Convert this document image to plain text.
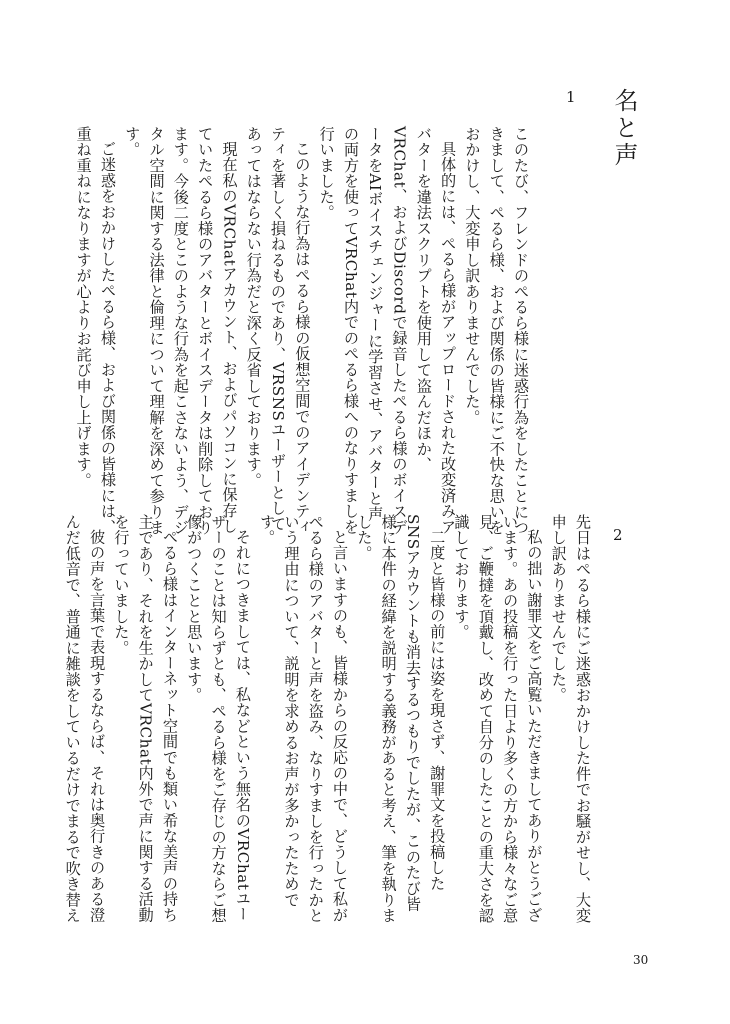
名と声
1

このたび、フレンドのぺるら様に迷惑行為をしたことにつきまして、ぺるら様、および関係の皆様にご不快な思いをおかけし、大変申し訳ありませんでした。

具体的には、ぺるら様がアップロードされた改変済みアバターを違法スクリプトを使用して盗んだほか、VRChat、およびDiscordで録音したぺるら様のボイスデータをAIボイスチェンジャーに学習させ、アバターと声の両方を使ってVRChat内でのぺるら様へのなりすましを行いました。

このような行為はぺるら様の仮想空間でのアイデンティティを著しく損ねるものであり、VRSNSユーザーとしてあってはならない行為だと深く反省しております。

現在私のVRChatアカウント、およびパソコンに保存していたぺるら様のアバターとボイスデータは削除しております。今後二度とこのような行為を起こさないよう、デジタル空間に関する法律と倫理について理解を深めて参ります。

ご迷惑をおかけしたぺるら様、および関係の皆様には、重ね重ねになりますが心よりお詫び申し上げます。

2

先日はぺるら様にご迷惑おかけした件でお騒がせし、大変申し訳ありませんでした。

私の拙い謝罪文をご高覧いただきましてありがとうございます。あの投稿を行った日より多くの方から様々なご意見、ご鞭撻を頂戴し、改めて自分のしたことの重大さを認識しております。

二度と皆様の前には姿を現さず、謝罪文を投稿したSNSアカウントも消去するつもりでしたが、このたび皆様に本件の経緯を説明する義務があると考え、筆を執りました。

と言いますのも、皆様からの反応の中で、どうして私がぺるら様のアバターと声を盗み、なりすましを行ったかという理由について、説明を求めるお声が多かったためです。

それにつきましては、私などという無名のVRChatユーザーのことは知らずとも、ぺるら様をご存じの方ならご想像がつくことと思います。

ぺるら様はインターネット空間でも類い希な美声の持ち主であり、それを生かしてVRChat内外で声に関する活動を行っていました。

彼の声を言葉で表現するならば、それは奥行きのある澄んだ低音で、普通に雑談をしているだけでまるで吹き替え

30
